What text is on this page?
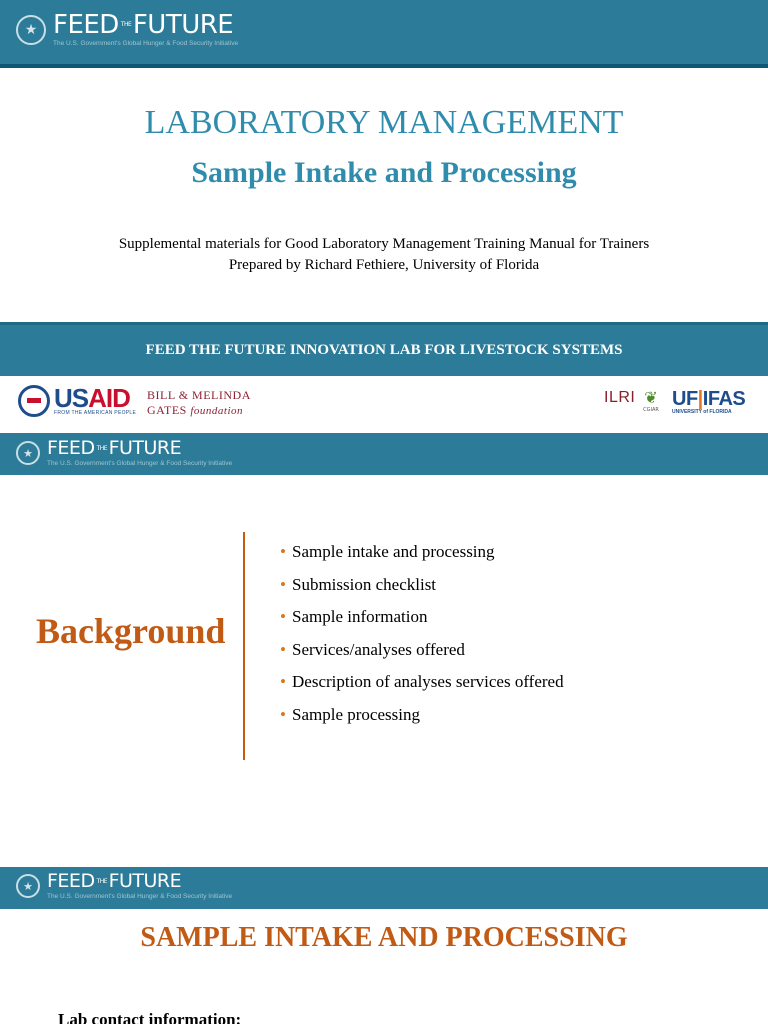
★ FEED THE FUTURE
The U.S. Government's Global Hunger & Food Security Initiative
LABORATORY MANAGEMENT
Sample Intake and Processing
Supplemental materials for Good Laboratory Management Training Manual for Trainers
Prepared by Richard Fethiere, University of Florida
FEED THE FUTURE INNOVATION LAB FOR LIVESTOCK SYSTEMS
USAID
FROM THE AMERICAN PEOPLE
BILL & MELINDA
GATES foundation
ILRI ❦
CGIAR UF|IFAS
UNIVERSITY of FLORIDA
★ FEED THE FUTURE
The U.S. Government's Global Hunger & Food Security Initiative
Background
• Sample intake and processing
• Submission checklist
• Sample information
• Services/analyses offered
• Description of analyses services offered
• Sample processing
★ FEED THE FUTURE
The U.S. Government's Global Hunger & Food Security Initiative
SAMPLE INTAKE AND PROCESSING
Lab contact information:
